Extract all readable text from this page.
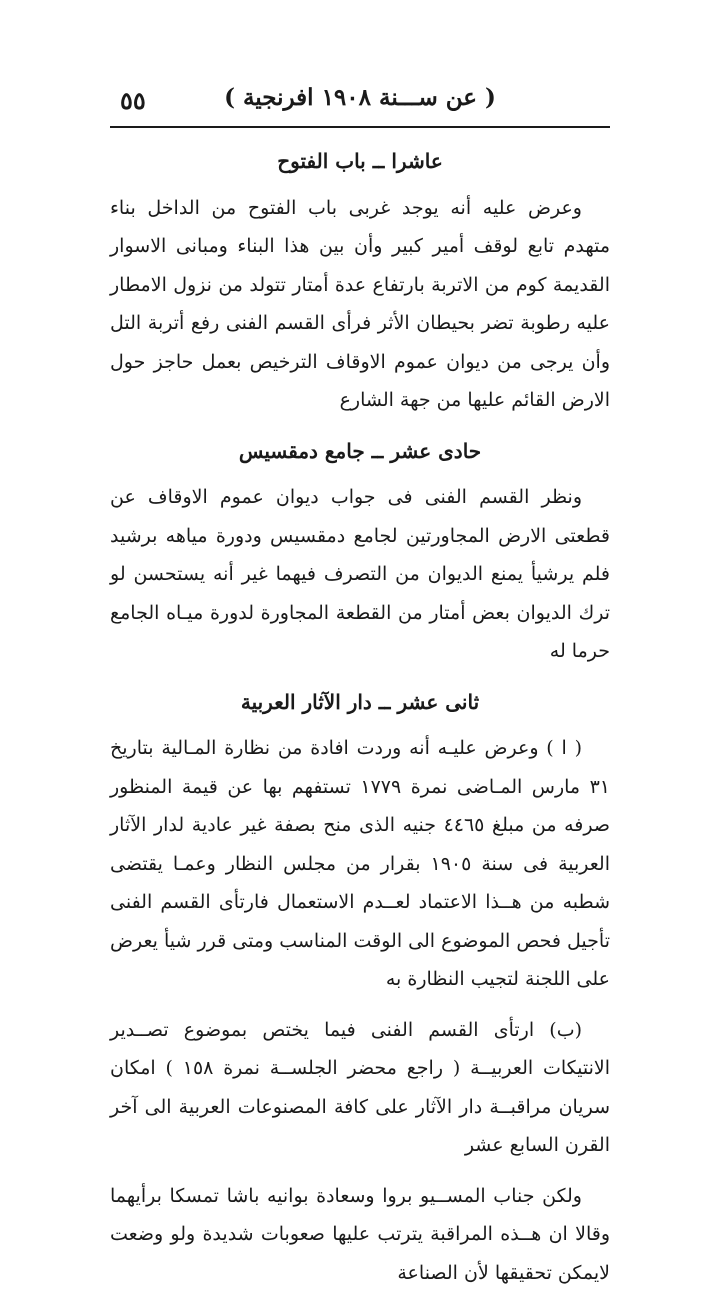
٥٥	( عن ســـنة ١٩٠٨ افرنجية )
عاشرا ــ باب الفتوح

وعرض عليه أنه يوجد غربى باب الفتوح من الداخل بناء متهدم تابع لوقف أمير كبير وأن بين هذا البناء ومبانى الاسوار القديمة كوم من الاتربة بارتفاع عدة أمتار تتولد من نزول الامطار عليه رطوبة تضر بحيطان الأثر فرأى القسم الفنى رفع أتربة التل وأن يرجى من ديوان عموم الاوقاف الترخيص بعمل حاجز حول الارض القائم عليها من جهة الشارع

حادى عشر ــ جامع دمقسيس

ونظر القسم الفنى فى جواب ديوان عموم الاوقاف عن قطعتى الارض المجاورتين لجامع دمقسيس ودورة مياهه برشيد فلم يرشيأ يمنع الديوان من التصرف فيهما غير أنه يستحسن لو ترك الديوان بعض أمتار من القطعة المجاورة لدورة ميـاه الجامع حرما له

ثانى عشر ــ دار الآثار العربية

( ا ) وعرض عليـه أنه وردت افادة من نظارة المـالية بتاريخ ٣١ مارس المـاضى نمرة ١٧٧٩ تستفهم بها عن قيمة المنظور صرفه من مبلغ ٤٤٦٥ جنيه الذى منح بصفة غير عادية لدار الآثار العربية فى سنة ١٩٠٥ بقرار من مجلس النظار وعمـا يقتضى شطبه من هــذا الاعتماد لعــدم الاستعمال فارتأى القسم الفنى تأجيل فحص الموضوع الى الوقت المناسب ومتى قرر شيأ يعرض على اللجنة لتجيب النظارة به

(ب) ارتأى القسم الفنى فيما يختص بموضوع تصــدير الانتيكات العربيــة ( راجع محضر الجلســة نمرة ١٥٨ ) امكان سريان مراقبــة دار الآثار على كافة المصنوعات العربية الى آخر القرن السابع عشر

ولكن جناب المســيو بروا وسعادة بوانيه باشا تمسكا برأيهما وقالا ان هــذه المراقبة يترتب عليها صعوبات شديدة ولو وضعت لايمكن تحقيقها لأن الصناعة
